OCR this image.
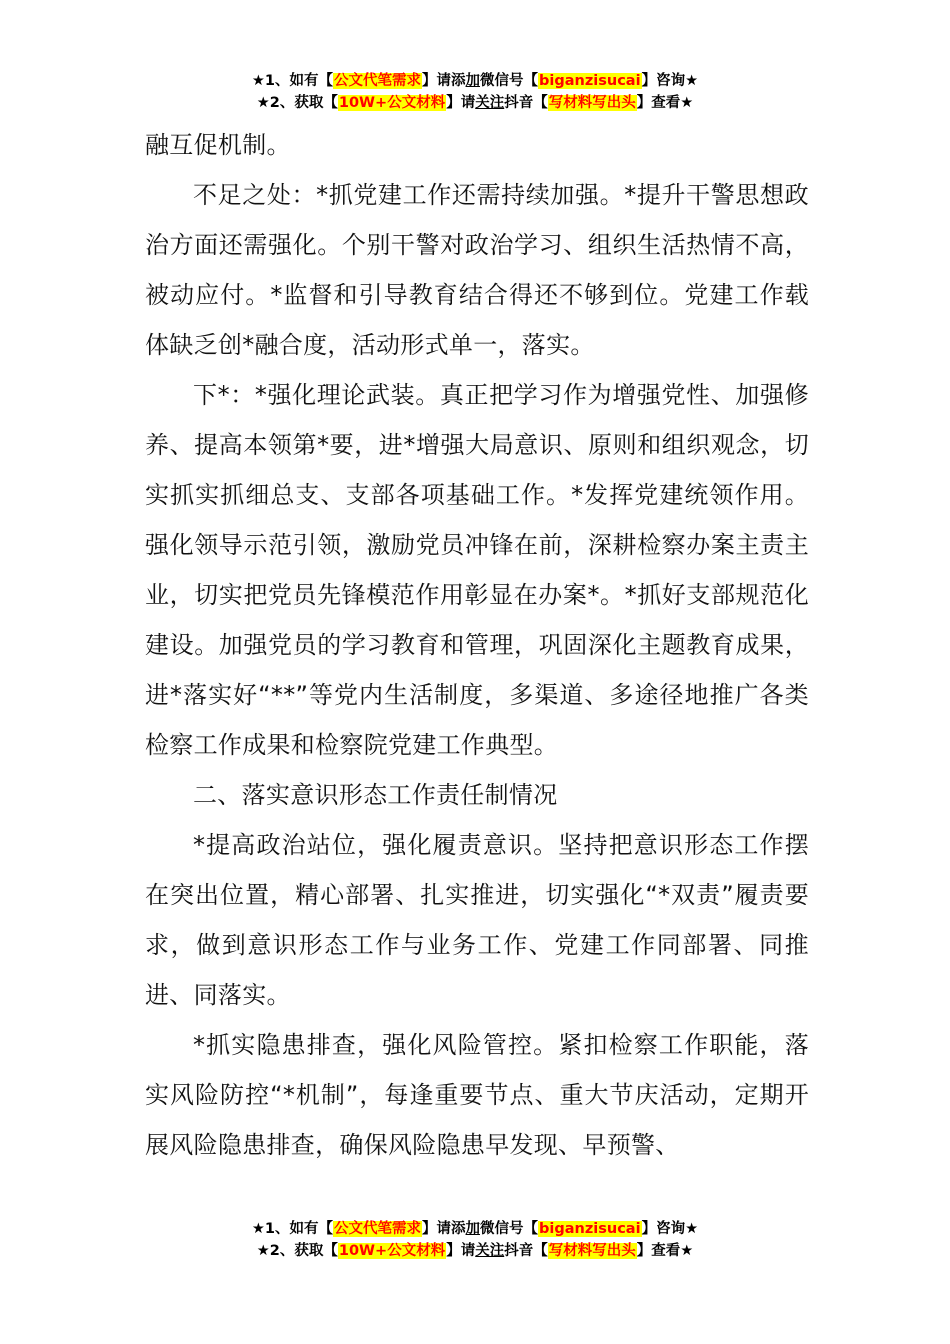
★1、如有【公文代笔需求】请添加微信号【biganzisucai】咨询★
★2、获取【10W+公文材料】请关注抖音【写材料写出头】查看★

融互促机制。

不足之处：*抓党建工作还需持续加强。*提升干警思想政治方面还需强化。个别干警对政治学习、组织生活热情不高，被动应付。*监督和引导教育结合得还不够到位。党建工作载体缺乏创*融合度，活动形式单一，落实。

下*：*强化理论武装。真正把学习作为增强党性、加强修养、提高本领第*要，进*增强大局意识、原则和组织观念，切实抓实抓细总支、支部各项基础工作。*发挥党建统领作用。强化领导示范引领，激励党员冲锋在前，深耕检察办案主责主业，切实把党员先锋模范作用彰显在办案*。*抓好支部规范化建设。加强党员的学习教育和管理，巩固深化主题教育成果，进*落实好“**”等党内生活制度，多渠道、多途径地推广各类检察工作成果和检察院党建工作典型。

二、落实意识形态工作责任制情况

*提高政治站位，强化履责意识。坚持把意识形态工作摆在突出位置，精心部署、扎实推进，切实强化“*双责”履责要求，做到意识形态工作与业务工作、党建工作同部署、同推进、同落实。

*抓实隐患排查，强化风险管控。紧扣检察工作职能，落实风险防控“*机制”，每逢重要节点、重大节庆活动，定期开展风险隐患排查，确保风险隐患早发现、早预警、

★1、如有【公文代笔需求】请添加微信号【biganzisucai】咨询★
★2、获取【10W+公文材料】请关注抖音【写材料写出头】查看★
